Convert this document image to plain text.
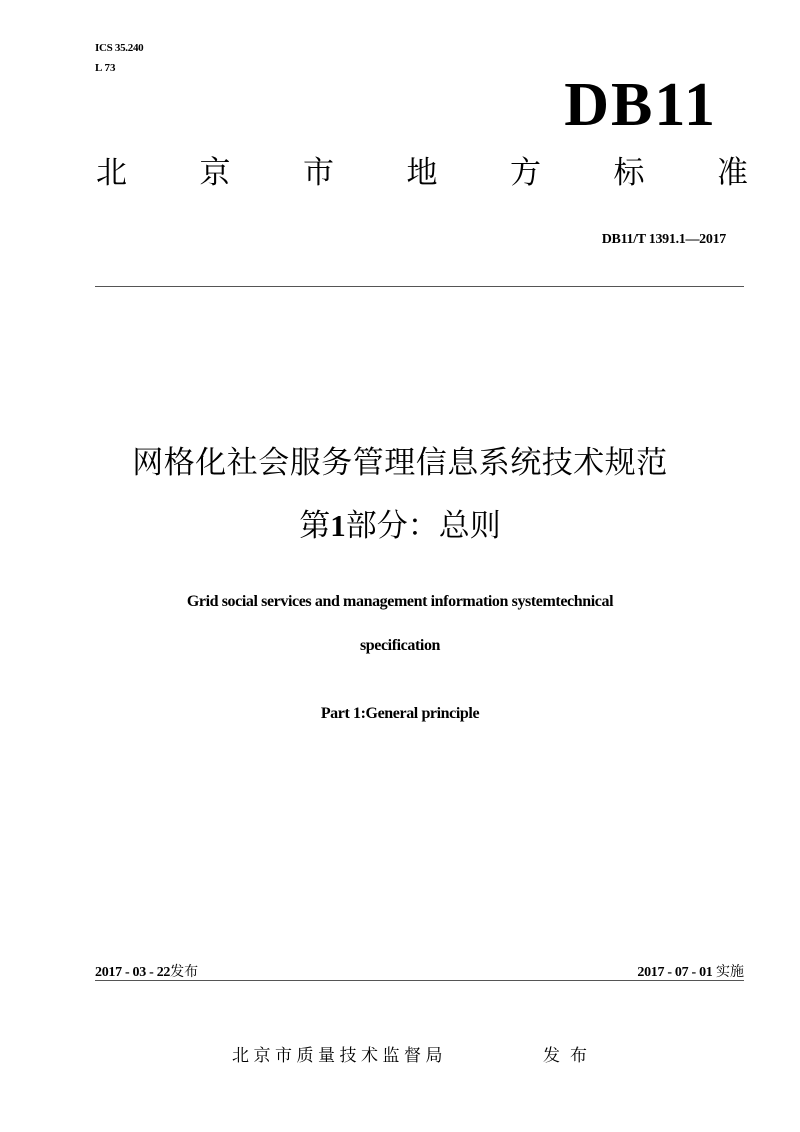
ICS 35.240
L 73
DB11
北 京 市 地 方 标 准
DB11/T 1391.1—2017
网格化社会服务管理信息系统技术规范
第1部分：总则
Grid social services and management information systemtechnical
specification
Part 1:General principle
2017 - 03 - 22发布	2017 - 07 - 01 实施
北京市质量技术监督局	发布
